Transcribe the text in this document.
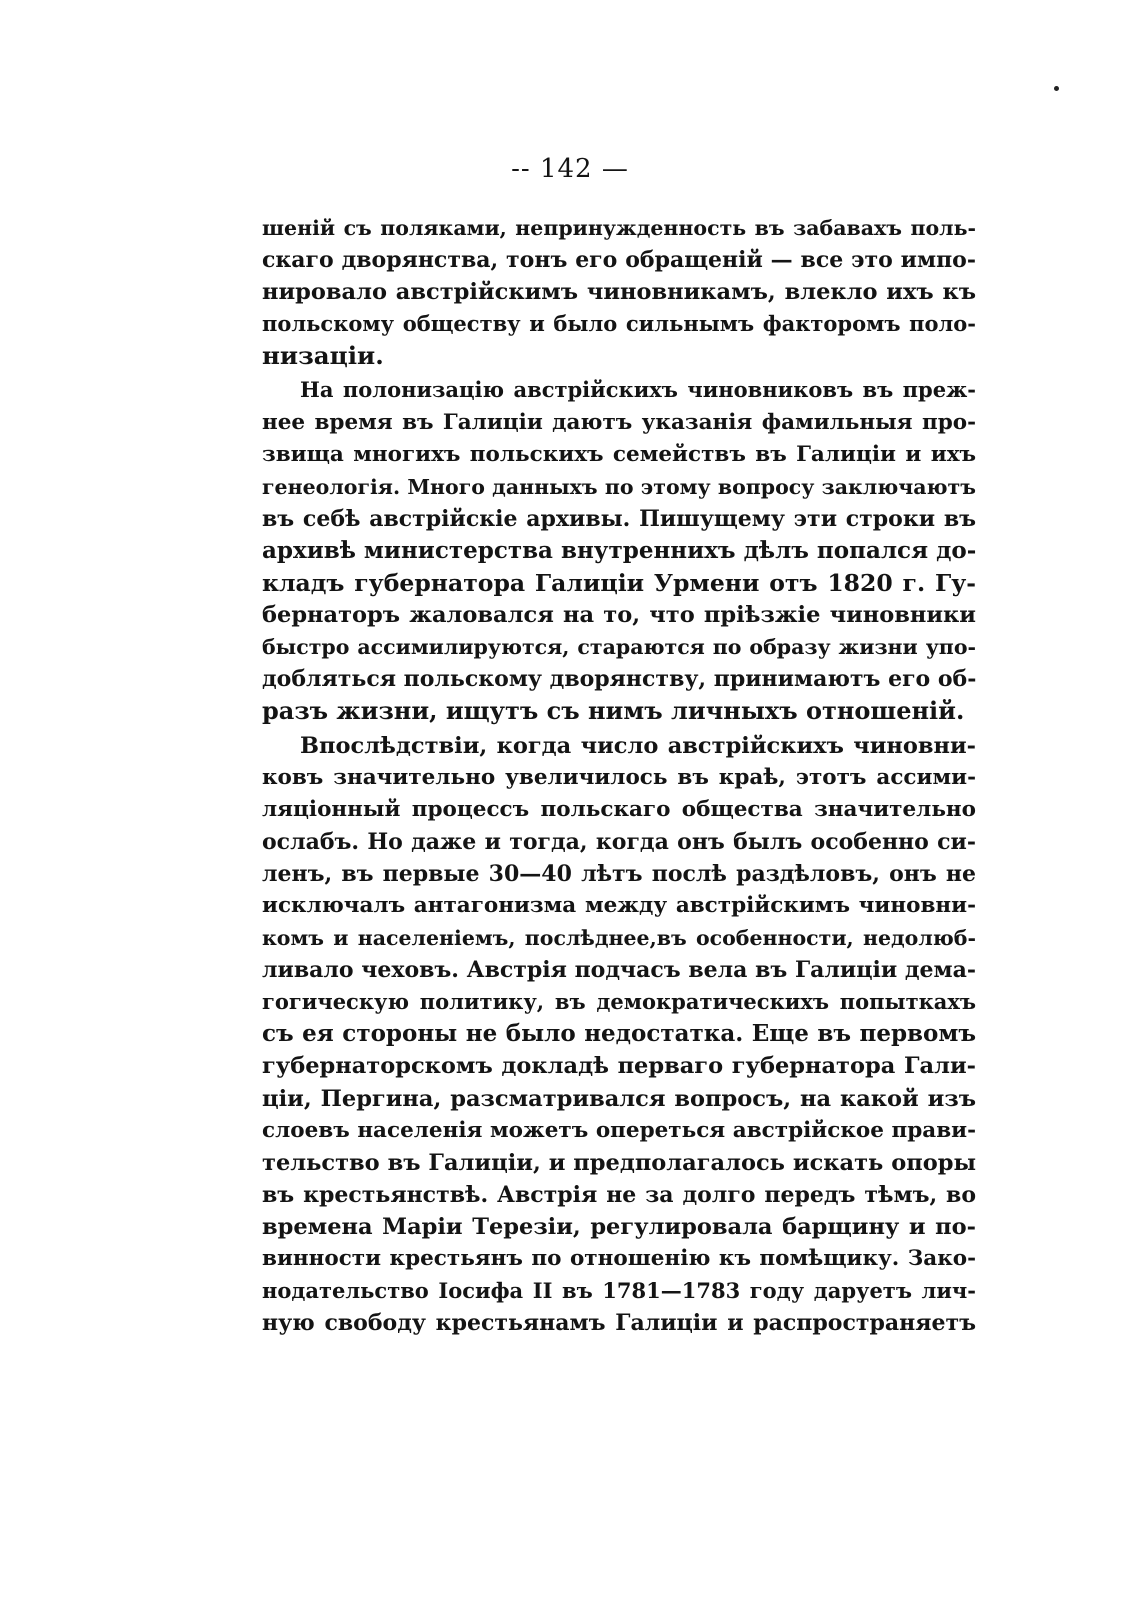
-- 142 —
шеній съ поляками, непринужденность въ забавахъ поль-
скаго дворянства, тонъ его обращеній — все это импо-
нировало австрійскимъ чиновникамъ, влекло ихъ къ
польскому обществу и было сильнымъ факторомъ поло-
низаціи.
На полонизацію австрійскихъ чиновниковъ въ преж-
нее время въ Галиціи даютъ указанія фамильныя про-
звища многихъ польскихъ семействъ въ Галиціи и ихъ
генеологія. Много данныхъ по этому вопросу заключаютъ
въ себѣ австрійскіе архивы. Пишущему эти строки въ
архивѣ министерства внутреннихъ дѣлъ попался до-
кладъ губернатора Галиціи Урмени отъ 1820 г. Гу-
бернаторъ жаловался на то, что пріѣзжіе чиновники
быстро ассимилируются, стараются по образу жизни упо-
добляться польскому дворянству, принимаютъ его об-
разъ жизни, ищутъ съ нимъ личныхъ отношеній.
Впослѣдствіи, когда число австрійскихъ чиновни-
ковъ значительно увеличилось въ краѣ, этотъ ассими-
ляціонный процессъ польскаго общества значительно
ослабъ. Но даже и тогда, когда онъ былъ особенно си-
ленъ, въ первые 30—40 лѣтъ послѣ раздѣловъ, онъ не
исключалъ антагонизма между австрійскимъ чиновни-
комъ и населеніемъ, послѣднее,въ особенности, недолюб-
ливало чеховъ. Австрія подчасъ вела въ Галиціи дема-
гогическую политику, въ демократическихъ попыткахъ
съ ея стороны не было недостатка. Еще въ первомъ
губернаторскомъ докладѣ перваго губернатора Гали-
ціи, Пергина, разсматривался вопросъ, на какой изъ
слоевъ населенія можетъ опереться австрійское прави-
тельство въ Галиціи, и предполагалось искать опоры
въ крестьянствѣ. Австрія не за долго передъ тѣмъ, во
времена Маріи Терезіи, регулировала барщину и по-
винности крестьянъ по отношенію къ помѣщику. Зако-
нодательство Іосифа II въ 1781—1783 году даруетъ лич-
ную свободу крестьянамъ Галиціи и распространяетъ
